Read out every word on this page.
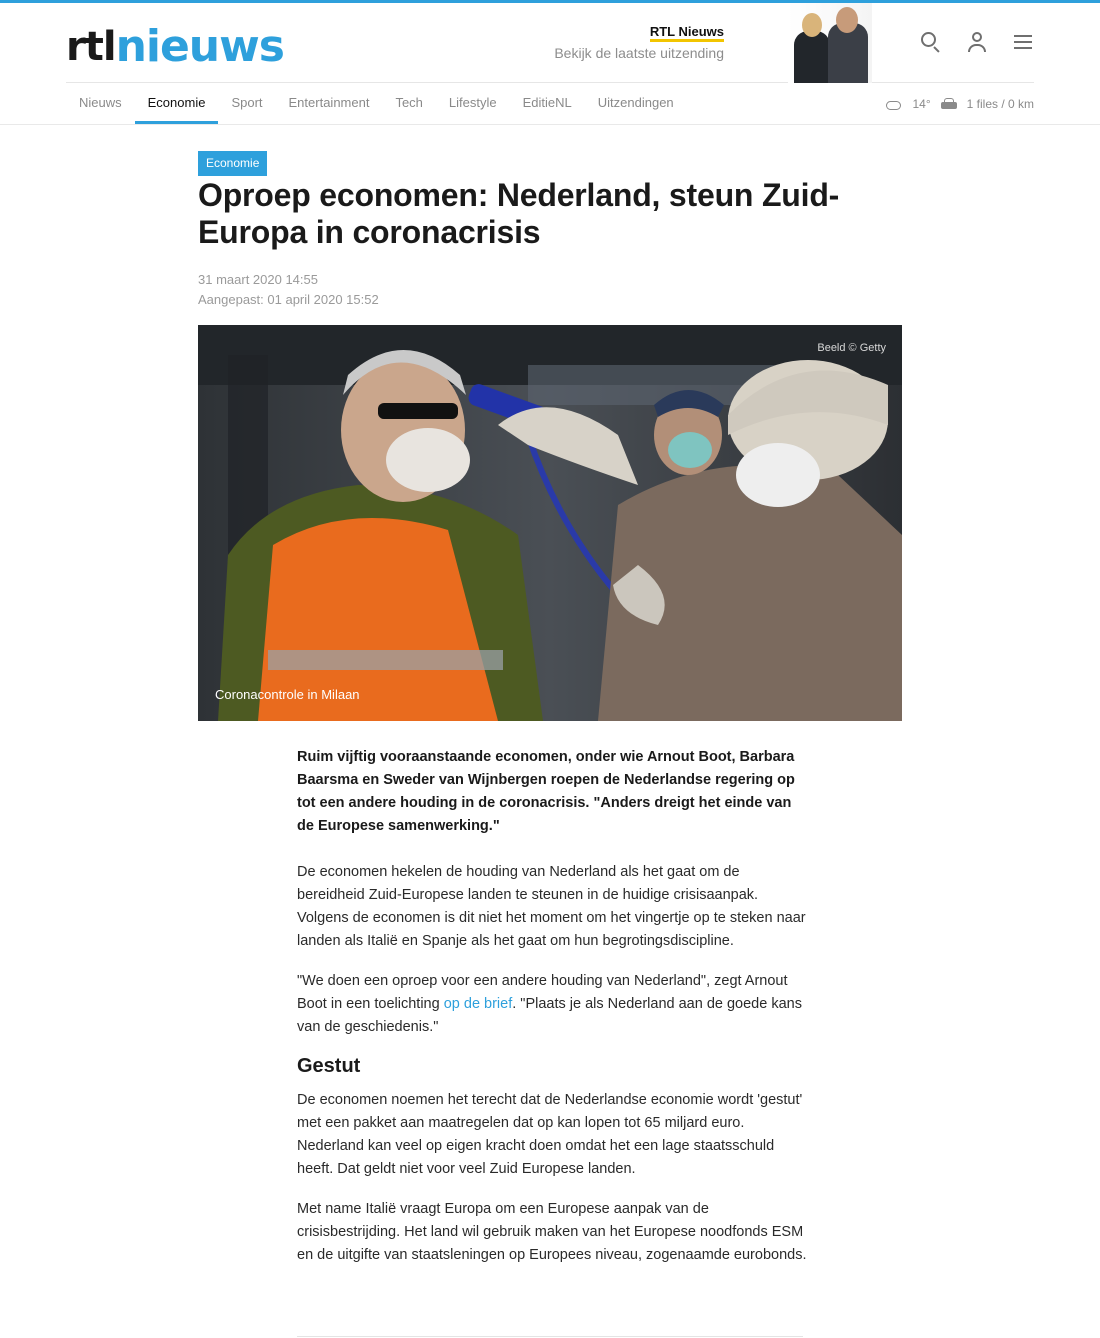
rtl nieuws	RTL Nieuws
Bekijk de laatste uitzending
Nieuws	Economie	Sport	Entertainment	Tech	Lifestyle	EditieNL	Uitzendingen	14°	1 files / 0 km
Economie
Oproep economen: Nederland, steun Zuid-Europa in coronacrisis
31 maart 2020 14:55
Aangepast: 01 april 2020 15:52
Beeld © Getty
Coronacontrole in Milaan

Ruim vijftig vooraanstaande economen, onder wie Arnout Boot, Barbara Baarsma en Sweder van Wijnbergen roepen de Nederlandse regering op tot een andere houding in de coronacrisis. "Anders dreigt het einde van de Europese samenwerking."

De economen hekelen de houding van Nederland als het gaat om de bereidheid Zuid-Europese landen te steunen in de huidige crisisaanpak. Volgens de economen is dit niet het moment om het vingertje op te steken naar landen als Italië en Spanje als het gaat om hun begrotingsdiscipline.

"We doen een oproep voor een andere houding van Nederland", zegt Arnout Boot in een toelichting op de brief. "Plaats je als Nederland aan de goede kans van de geschiedenis."

Gestut

De economen noemen het terecht dat de Nederlandse economie wordt 'gestut' met een pakket aan maatregelen dat op kan lopen tot 65 miljard euro. Nederland kan veel op eigen kracht doen omdat het een lage staatsschuld heeft. Dat geldt niet voor veel Zuid Europese landen.

Met name Italië vraagt Europa om een Europese aanpak van de crisisbestrijding. Het land wil gebruik maken van het Europese noodfonds ESM en de uitgifte van staatsleningen op Europees niveau, zogenaamde eurobonds.
